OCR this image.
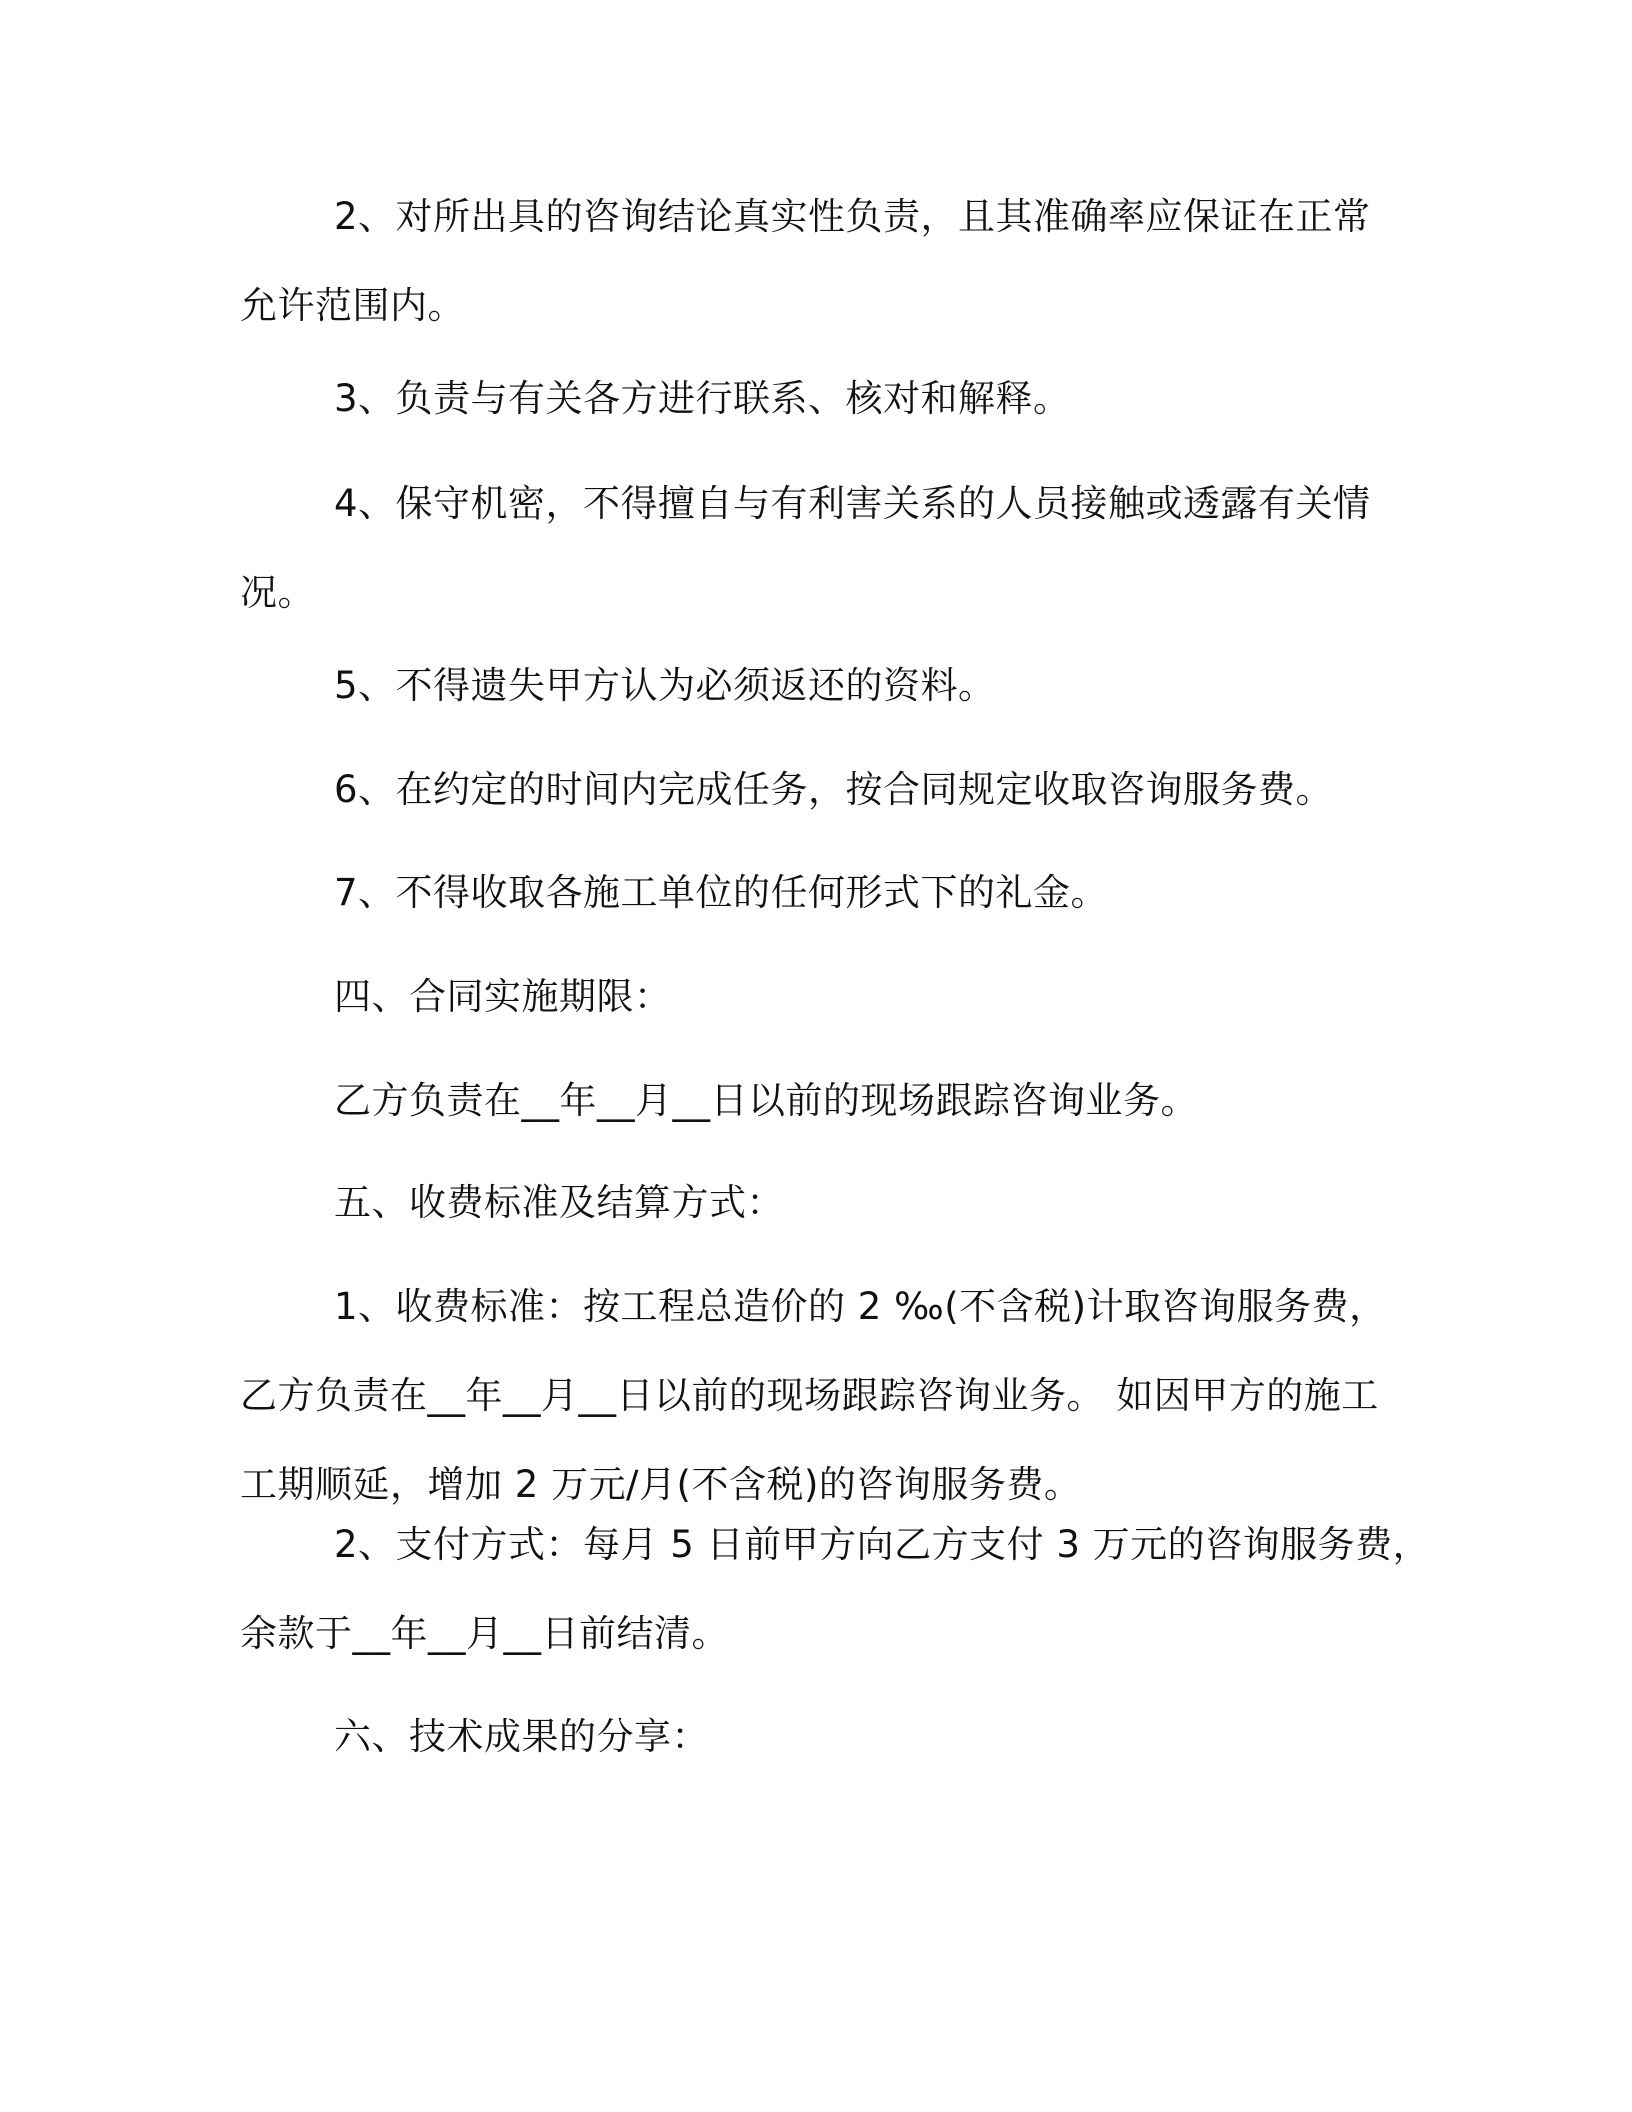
2、对所出具的咨询结论真实性负责，且其准确率应保证在正常
允许范围内。
3、负责与有关各方进行联系、核对和解释。
4、保守机密，不得擅自与有利害关系的人员接触或透露有关情
况。
5、不得遗失甲方认为必须返还的资料。
6、在约定的时间内完成任务，按合同规定收取咨询服务费。
7、不得收取各施工单位的任何形式下的礼金。
四、合同实施期限：
乙方负责在__年__月__日以前的现场跟踪咨询业务。
五、收费标准及结算方式：
1、收费标准：按工程总造价的 2 ‰(不含税)计取咨询服务费，
乙方负责在__年__月__日以前的现场跟踪咨询业务。 如因甲方的施工
工期顺延，增加 2 万元/月(不含税)的咨询服务费。
2、支付方式：每月 5 日前甲方向乙方支付 3 万元的咨询服务费，
余款于__年__月__日前结清。
六、技术成果的分享：
